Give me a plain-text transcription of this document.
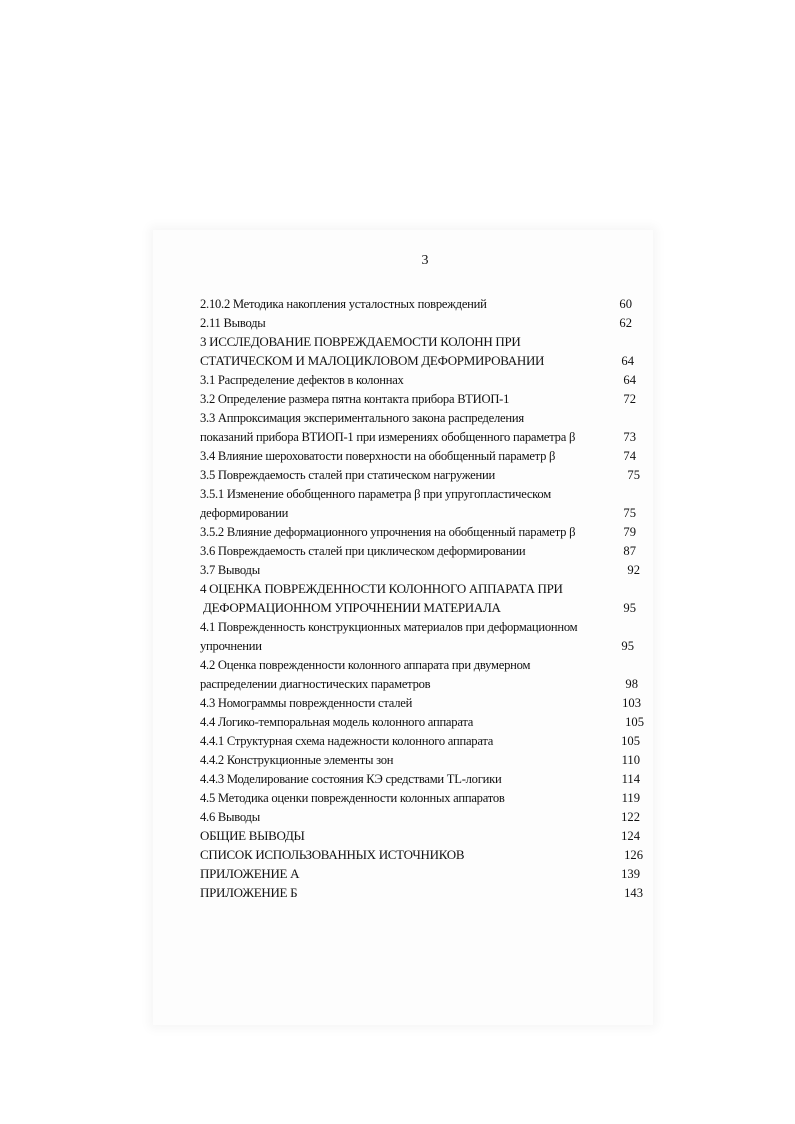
3
2.10.2 Методика накопления усталостных повреждений	60
2.11 Выводы	62
3 ИССЛЕДОВАНИЕ ПОВРЕЖДАЕМОСТИ КОЛОНН ПРИ
СТАТИЧЕСКОМ И МАЛОЦИКЛОВОМ ДЕФОРМИРОВАНИИ	64
3.1 Распределение дефектов в колоннах	64
3.2 Определение размера пятна контакта прибора ВТИОП-1	72
3.3 Аппроксимация экспериментального закона распределения
показаний прибора ВТИОП-1 при измерениях обобщенного параметра β	73
3.4 Влияние шероховатости поверхности на обобщенный параметр β	74
3.5 Повреждаемость сталей при статическом нагружении	75
3.5.1 Изменение обобщенного параметра β при упругопластическом
деформировании	75
3.5.2 Влияние деформационного упрочнения на обобщенный параметр β	79
3.6 Повреждаемость сталей при циклическом деформировании	87
3.7 Выводы	92
4 ОЦЕНКА ПОВРЕЖДЕННОСТИ КОЛОННОГО АППАРАТА ПРИ
ДЕФОРМАЦИОННОМ УПРОЧНЕНИИ МАТЕРИАЛА	95
4.1 Поврежденность конструкционных материалов при деформационном
упрочнении	95
4.2 Оценка поврежденности колонного аппарата при двумерном
распределении диагностических параметров	98
4.3 Номограммы поврежденности сталей	103
4.4 Логико-темпоральная модель колонного аппарата	105
4.4.1 Структурная схема надежности колонного аппарата	105
4.4.2 Конструкционные элементы зон	110
4.4.3 Моделирование состояния КЭ средствами TL-логики	114
4.5 Методика оценки поврежденности колонных аппаратов	119
4.6 Выводы	122
ОБЩИЕ ВЫВОДЫ	124
СПИСОК ИСПОЛЬЗОВАННЫХ ИСТОЧНИКОВ	126
ПРИЛОЖЕНИЕ А	139
ПРИЛОЖЕНИЕ Б	143
